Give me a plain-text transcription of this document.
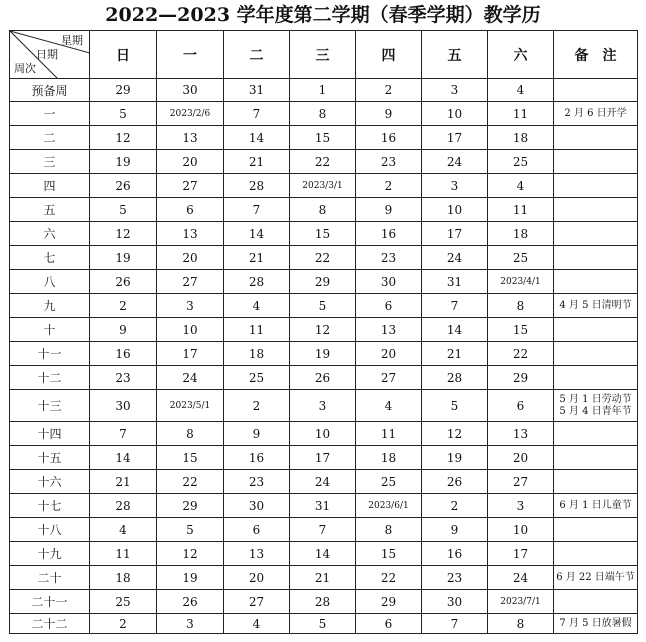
2022—2023 学年度第二学期（春季学期）教学历
星期
日期
周次	日	一	二	三	四	五	六	备　注
预备周	29	30	31	1	2	3	4	
一	5	2023/2/6	7	8	9	10	11	2 月 6 日开学

二	12	13	14	15	16	17	18	
三	19	20	21	22	23	24	25	
四	26	27	28	2023/3/1	2	3	4	
五	5	6	7	8	9	10	11	
六	12	13	14	15	16	17	18	
七	19	20	21	22	23	24	25	
八	26	27	28	29	30	31	2023/4/1	
九	2	3	4	5	6	7	8	4 月 5 日清明节

十	9	10	11	12	13	14	15	
十一	16	17	18	19	20	21	22	
十二	23	24	25	26	27	28	29	
十三	30	2023/5/1	2	3	4	5	6	5 月 1 日劳动节
5 月 4 日青年节

十四	7	8	9	10	11	12	13	
十五	14	15	16	17	18	19	20	
十六	21	22	23	24	25	26	27	
十七	28	29	30	31	2023/6/1	2	3	6 月 1 日儿童节

十八	4	5	6	7	8	9	10	
十九	11	12	13	14	15	16	17	
二十	18	19	20	21	22	23	24	6 月 22 日端午节

二十一	25	26	27	28	29	30	2023/7/1	
二十二	2	3	4	5	6	7	8	7 月 5 日放暑假
